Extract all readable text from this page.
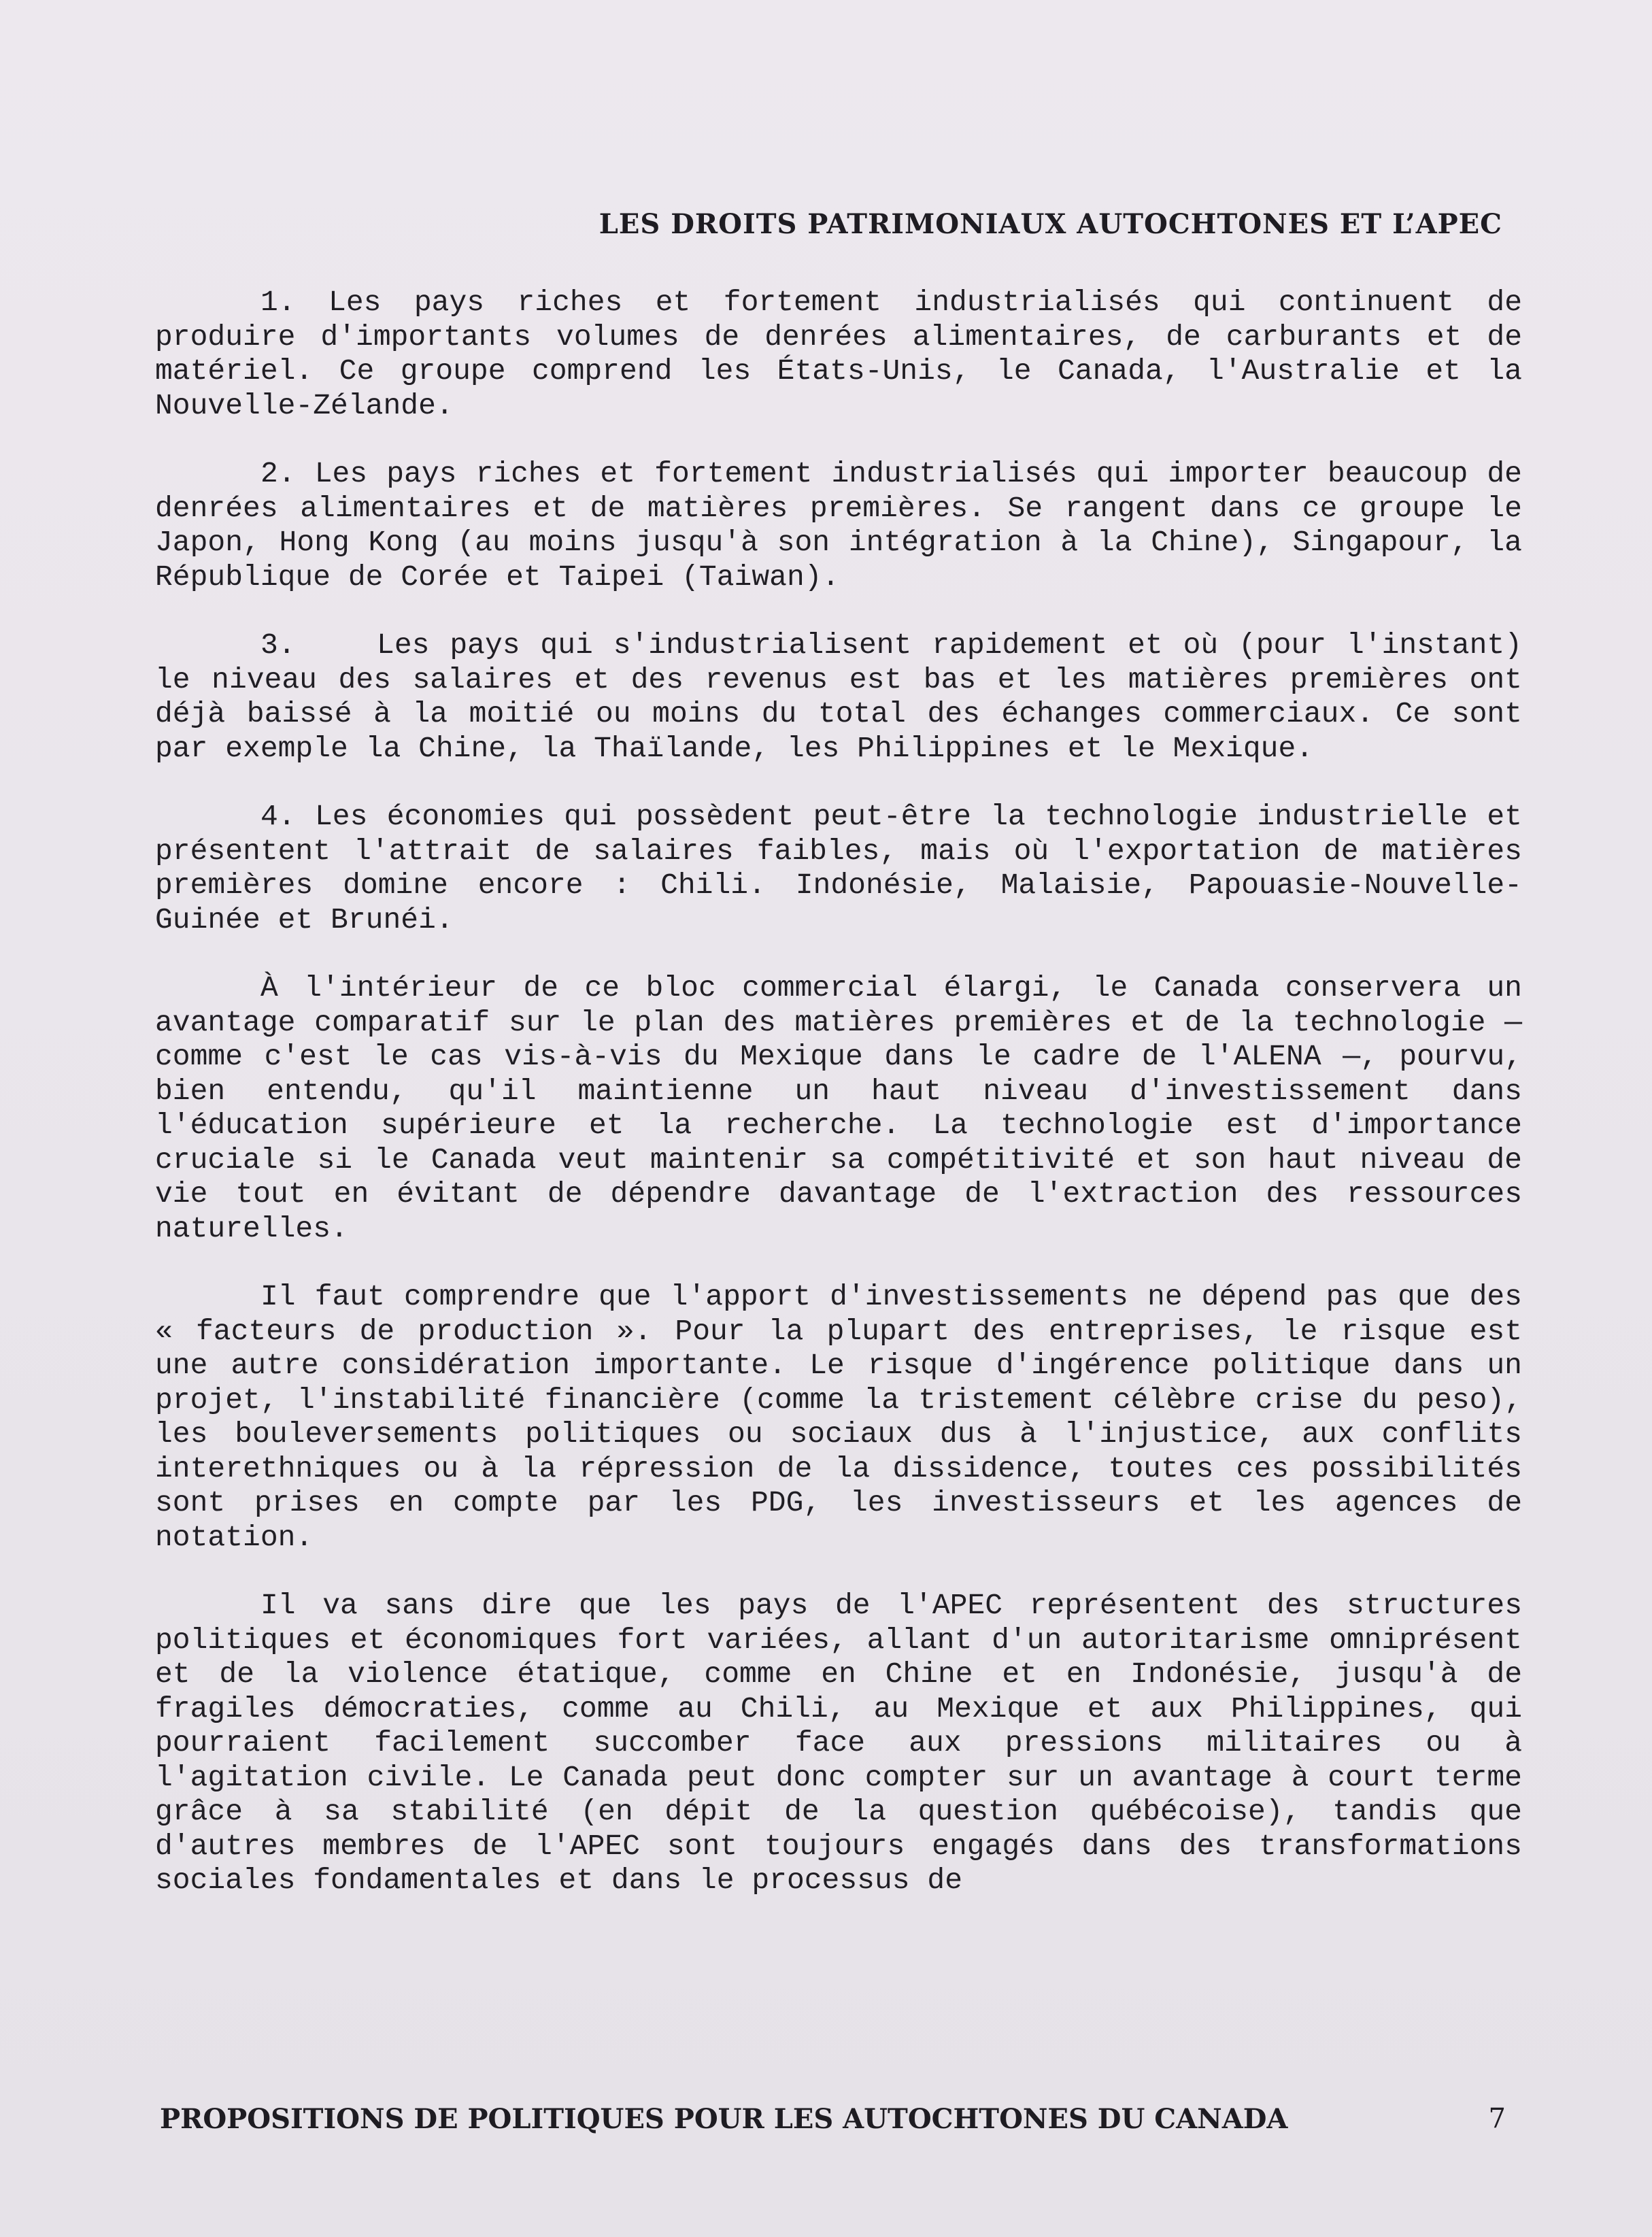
LES DROITS PATRIMONIAUX AUTOCHTONES ET L’APEC

1. Les pays riches et fortement industrialisés qui continuent de produire d'importants volumes de denrées alimentaires, de carburants et de matériel. Ce groupe comprend les États-Unis, le Canada, l'Australie et la Nouvelle-Zélande.

2. Les pays riches et fortement industrialisés qui importer beaucoup de denrées alimentaires et de matières premières. Se rangent dans ce groupe le Japon, Hong Kong (au moins jusqu'à son intégration à la Chine), Singapour, la République de Corée et Taipei (Taiwan).

3.    Les pays qui s'industrialisent rapidement et où (pour l'instant) le niveau des salaires et des revenus est bas et les matières premières ont déjà baissé à la moitié ou moins du total des échanges commerciaux. Ce sont par exemple la Chine, la Thaïlande, les Philippines et le Mexique.

4. Les économies qui possèdent peut-être la technologie industrielle et présentent l'attrait de salaires faibles, mais où l'exportation de matières premières domine encore : Chili. Indonésie, Malaisie, Papouasie-Nouvelle-Guinée et Brunéi.

À l'intérieur de ce bloc commercial élargi, le Canada conservera un avantage comparatif sur le plan des matières premières et de la technologie — comme c'est le cas vis-à-vis du Mexique dans le cadre de l'ALENA —, pourvu, bien entendu, qu'il maintienne un haut niveau d'investissement dans l'éducation supérieure et la recherche. La technologie est d'importance cruciale si le Canada veut maintenir sa compétitivité et son haut niveau de vie tout en évitant de dépendre davantage de l'extraction des ressources naturelles.

Il faut comprendre que l'apport d'investissements ne dépend pas que des « facteurs de production ». Pour la plupart des entreprises, le risque est une autre considération importante. Le risque d'ingérence politique dans un projet, l'instabilité financière (comme la tristement célèbre crise du peso), les bouleversements politiques ou sociaux dus à l'injustice, aux conflits interethniques ou à la répression de la dissidence, toutes ces possibilités sont prises en compte par les PDG, les investisseurs et les agences de notation.

Il va sans dire que les pays de l'APEC représentent des structures politiques et économiques fort variées, allant d'un autoritarisme omniprésent et de la violence étatique, comme en Chine et en Indonésie, jusqu'à de fragiles démocraties, comme au Chili, au Mexique et aux Philippines, qui pourraient facilement succomber face aux pressions militaires ou à l'agitation civile. Le Canada peut donc compter sur un avantage à court terme grâce à sa stabilité (en dépit de la question québécoise), tandis que d'autres membres de l'APEC sont toujours engagés dans des transformations sociales fondamentales et dans le processus de

PROPOSITIONS DE POLITIQUES POUR LES AUTOCHTONES DU CANADA	7
